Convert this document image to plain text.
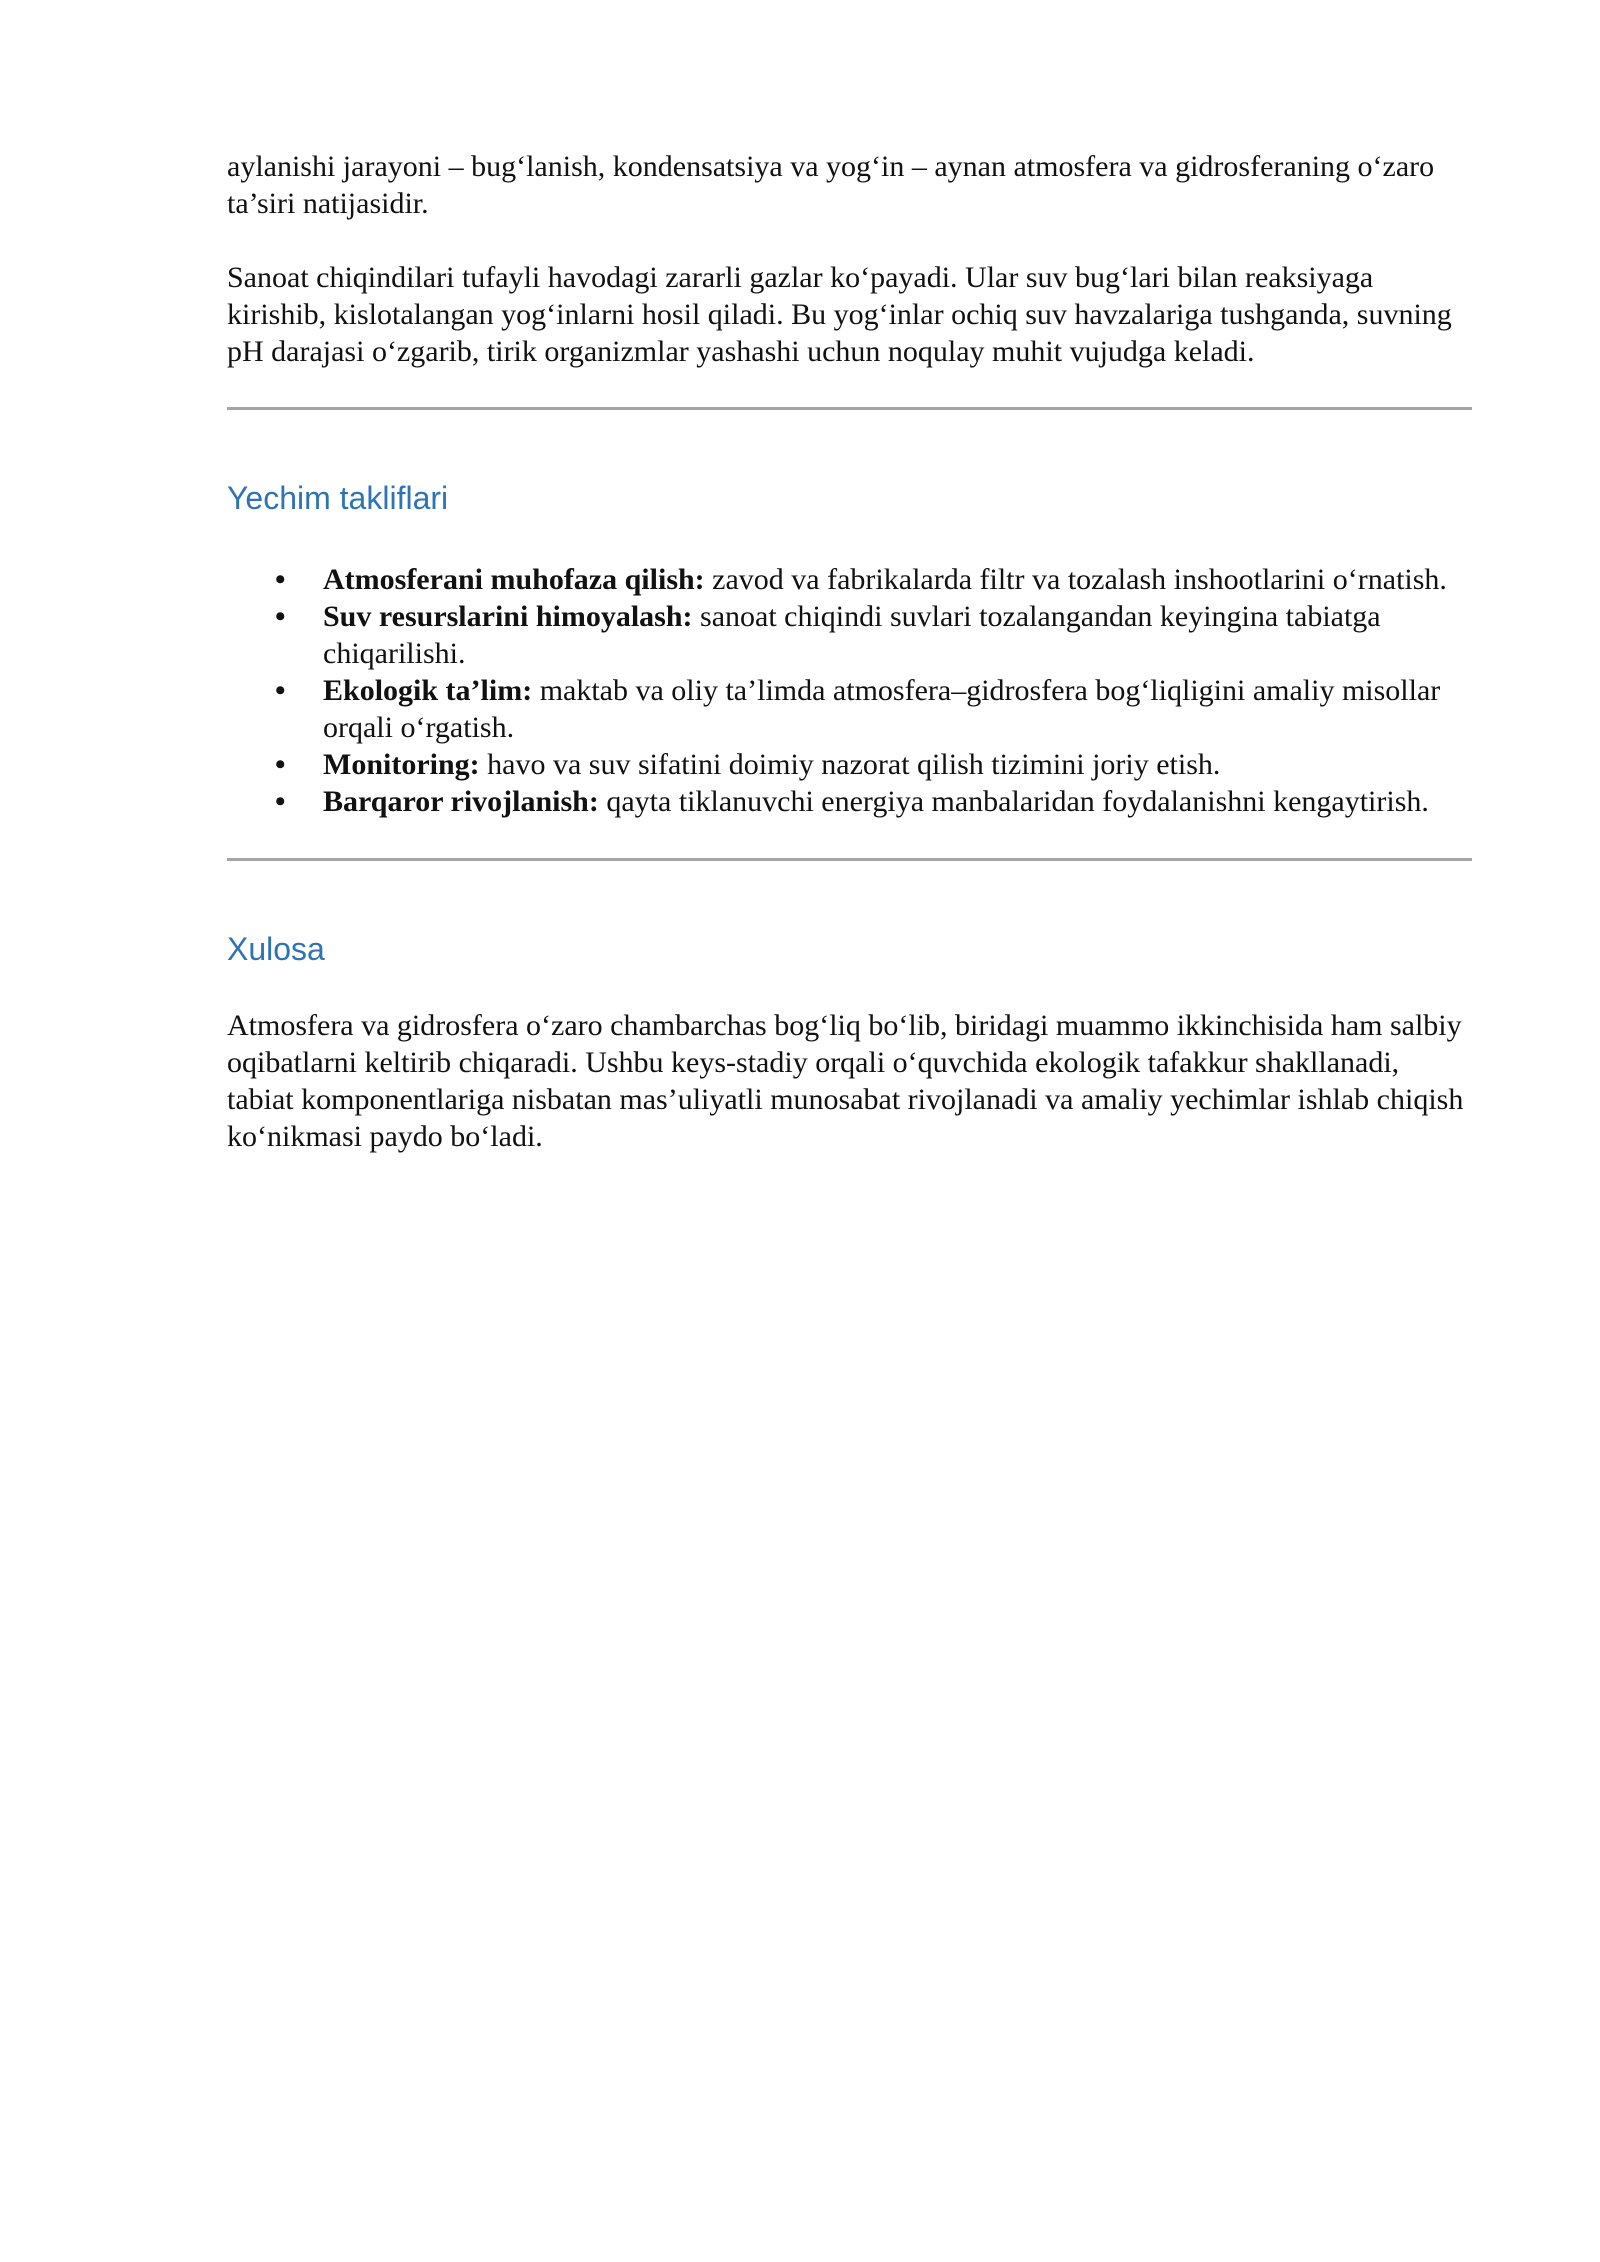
aylanishi jarayoni – bug‘lanish, kondensatsiya va yog‘in – aynan atmosfera va gidrosferaning o‘zaro ta’siri natijasidir.

Sanoat chiqindilari tufayli havodagi zararli gazlar ko‘payadi. Ular suv bug‘lari bilan reaksiyaga kirishib, kislotalangan yog‘inlarni hosil qiladi. Bu yog‘inlar ochiq suv havzalariga tushganda, suvning pH darajasi o‘zgarib, tirik organizmlar yashashi uchun noqulay muhit vujudga keladi.

Yechim takliflari
• Atmosferani muhofaza qilish: zavod va fabrikalarda filtr va tozalash inshootlarini o‘rnatish.
• Suv resurslarini himoyalash: sanoat chiqindi suvlari tozalangandan keyingina tabiatga chiqarilishi.
• Ekologik ta’lim: maktab va oliy ta’limda atmosfera–gidrosfera bog‘liqligini amaliy misollar orqali o‘rgatish.
• Monitoring: havo va suv sifatini doimiy nazorat qilish tizimini joriy etish.
• Barqaror rivojlanish: qayta tiklanuvchi energiya manbalaridan foydalanishni kengaytirish.
Xulosa

Atmosfera va gidrosfera o‘zaro chambarchas bog‘liq bo‘lib, biridagi muammo ikkinchisida ham salbiy oqibatlarni keltirib chiqaradi. Ushbu keys-stadiy orqali o‘quvchida ekologik tafakkur shakllanadi, tabiat komponentlariga nisbatan mas’uliyatli munosabat rivojlanadi va amaliy yechimlar ishlab chiqish ko‘nikmasi paydo bo‘ladi.
